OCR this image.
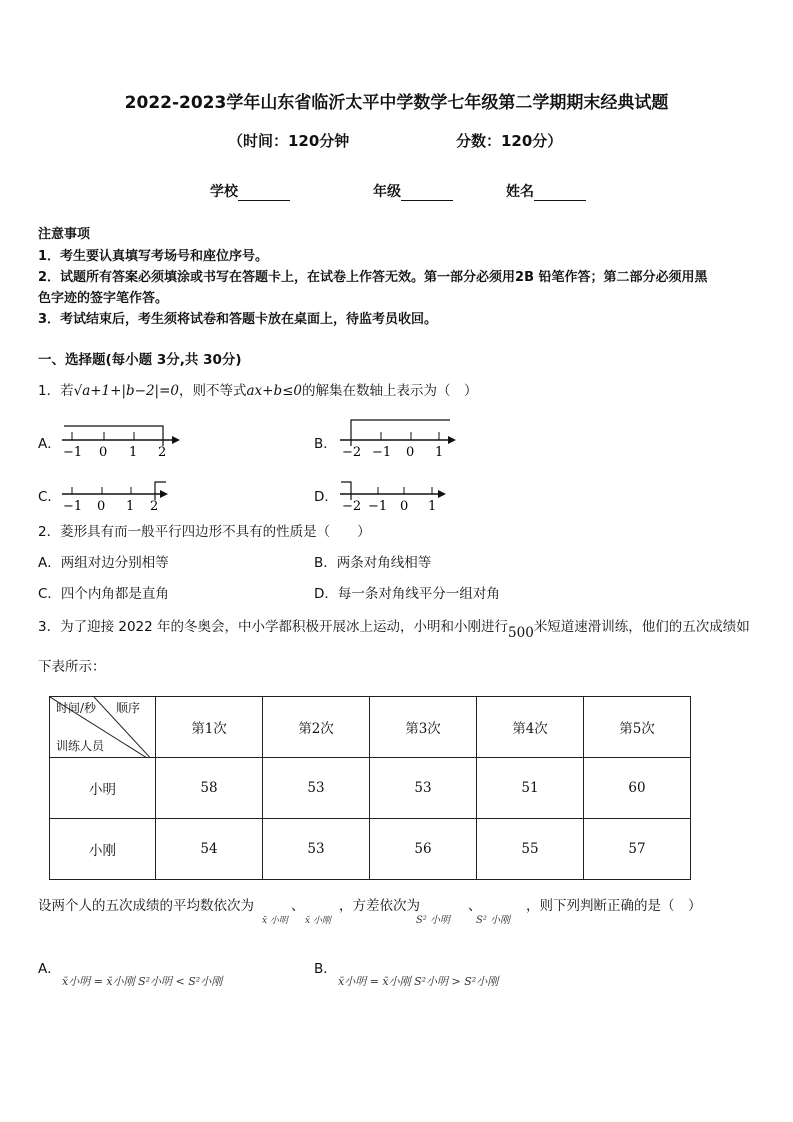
2022-2023学年山东省临沂太平中学数学七年级第二学期期末经典试题
（时间：120分钟	分数：120分）
学校	年级	姓名
注意事项
1．考生要认真填写考场号和座位序号。
2．试题所有答案必须填涂或书写在答题卡上，在试卷上作答无效。第一部分必须用2B 铅笔作答；第二部分必须用黑
色字迹的签字笔作答。
3．考试结束后，考生须将试卷和答题卡放在桌面上，待监考员收回。
一、选择题(每小题 3分,共 30分)
1．若√a+1+|b−2|=0，则不等式ax+b≤0的解集在数轴上表示为（　）
A．
−1 0 1 2
B．
−2 −1 0 1
C．
−1 0 1 2
D．
−2 −1 0 1
2．菱形具有而一般平行四边形不具有的性质是（　　）
A．两组对边分别相等	B．两条对角线相等
C．四个内角都是直角	D．每一条对角线平分一组对角
3．为了迎接 2022 年的冬奥会，中小学都积极开展冰上运动，小明和小刚进行500米短道速滑训练，他们的五次成绩如
下表所示：
时间/秒 顺序
训练人员	第1次	第2次	第3次	第4次	第5次
小明	58	53	53	51	60
小刚	54	53	56	55	57
设两个人的五次成绩的平均数依次为	、	，方差依次为	、	，则下列判断正确的是（　）
x̄ 小明 x̄ 小刚	S² 小明	S² 小刚
A．
x̄小明 = x̄小刚 S²小明 < S²小刚
B．
x̄小明 = x̄小刚 S²小明 > S²小刚
